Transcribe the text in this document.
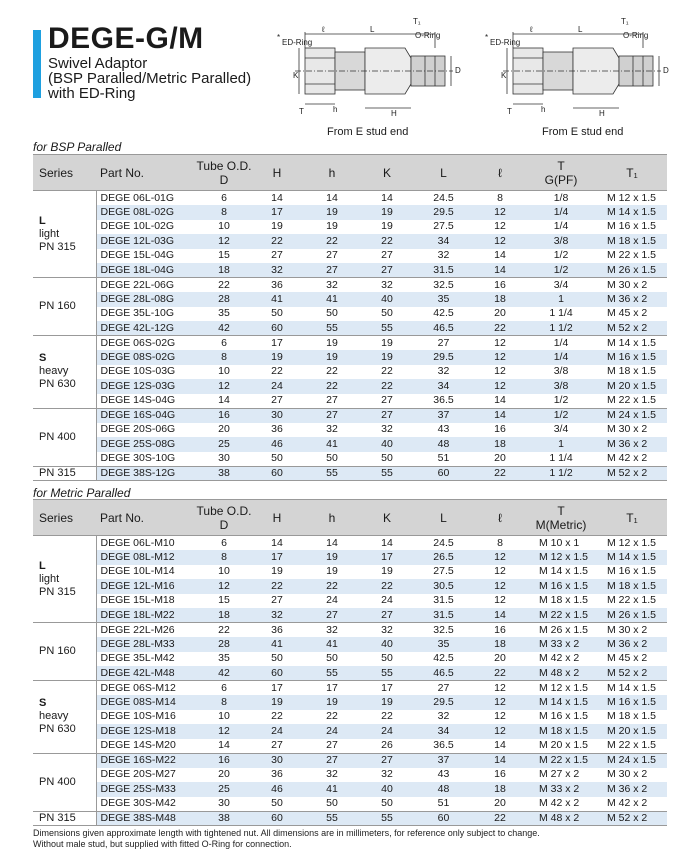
DEGE-G/M
Swivel Adaptor
(BSP Paralled/Metric Paralled)
with ED-Ring
*
ED-Ring
ℓ	L
T₁
O-Ring
K
D
T	h	H
From E stud end
*
ED-Ring
ℓ	L
T₁
O-Ring
K
D
T	h	H
From E stud end
for BSP Paralled
Series	Part No.	Tube O.D.
D	H	h	K	L	ℓ	T
G(PF)	T₁

L
light
PN 315	DEGE 06L-01G	6	14	14	14	24.5	8	1/8	M 12 x 1.5
	DEGE 08L-02G	8	17	19	19	29.5	12	1/4	M 14 x 1.5
	DEGE 10L-02G	10	19	19	19	27.5	12	1/4	M 16 x 1.5
	DEGE 12L-03G	12	22	22	22	34	12	3/8	M 18 x 1.5
	DEGE 15L-04G	15	27	27	27	32	14	1/2	M 22 x 1.5
	DEGE 18L-04G	18	32	27	27	31.5	14	1/2	M 26 x 1.5

PN 160	DEGE 22L-06G	22	36	32	32	32.5	16	3/4	M 30 x 2
	DEGE 28L-08G	28	41	41	40	35	18	1	M 36 x 2
	DEGE 35L-10G	35	50	50	50	42.5	20	1 1/4	M 45 x 2
	DEGE 42L-12G	42	60	55	55	46.5	22	1 1/2	M 52 x 2

S
heavy
PN 630	DEGE 06S-02G	6	17	19	19	27	12	1/4	M 14 x 1.5
	DEGE 08S-02G	8	19	19	19	29.5	12	1/4	M 16 x 1.5
	DEGE 10S-03G	10	22	22	22	32	12	3/8	M 18 x 1.5
	DEGE 12S-03G	12	24	22	22	34	12	3/8	M 20 x 1.5
	DEGE 14S-04G	14	27	27	27	36.5	14	1/2	M 22 x 1.5

PN 400	DEGE 16S-04G	16	30	27	27	37	14	1/2	M 24 x 1.5
	DEGE 20S-06G	20	36	32	32	43	16	3/4	M 30 x 2
	DEGE 25S-08G	25	46	41	40	48	18	1	M 36 x 2
	DEGE 30S-10G	30	50	50	50	51	20	1 1/4	M 42 x 2

PN 315	DEGE 38S-12G	38	60	55	55	60	22	1 1/2	M 52 x 2
for Metric Paralled
Series	Part No.	Tube O.D.
D	H	h	K	L	ℓ	T
M(Metric)	T₁

L
light
PN 315	DEGE 06L-M10	6	14	14	14	24.5	8	M 10 x 1	M 12 x 1.5
	DEGE 08L-M12	8	17	19	17	26.5	12	M 12 x 1.5	M 14 x 1.5
	DEGE 10L-M14	10	19	19	19	27.5	12	M 14 x 1.5	M 16 x 1.5
	DEGE 12L-M16	12	22	22	22	30.5	12	M 16 x 1.5	M 18 x 1.5
	DEGE 15L-M18	15	27	24	24	31.5	12	M 18 x 1.5	M 22 x 1.5
	DEGE 18L-M22	18	32	27	27	31.5	14	M 22 x 1.5	M 26 x 1.5

PN 160	DEGE 22L-M26	22	36	32	32	32.5	16	M 26 x 1.5	M 30 x 2
	DEGE 28L-M33	28	41	41	40	35	18	M 33 x 2	M 36 x 2
	DEGE 35L-M42	35	50	50	50	42.5	20	M 42 x 2	M 45 x 2
	DEGE 42L-M48	42	60	55	55	46.5	22	M 48 x 2	M 52 x 2

S
heavy
PN 630	DEGE 06S-M12	6	17	17	17	27	12	M 12 x 1.5	M 14 x 1.5
	DEGE 08S-M14	8	19	19	19	29.5	12	M 14 x 1.5	M 16 x 1.5
	DEGE 10S-M16	10	22	22	22	32	12	M 16 x 1.5	M 18 x 1.5
	DEGE 12S-M18	12	24	24	24	34	12	M 18 x 1.5	M 20 x 1.5
	DEGE 14S-M20	14	27	27	26	36.5	14	M 20 x 1.5	M 22 x 1.5

PN 400	DEGE 16S-M22	16	30	27	27	37	14	M 22 x 1.5	M 24 x 1.5
	DEGE 20S-M27	20	36	32	32	43	16	M 27 x 2	M 30 x 2
	DEGE 25S-M33	25	46	41	40	48	18	M 33 x 2	M 36 x 2
	DEGE 30S-M42	30	50	50	50	51	20	M 42 x 2	M 42 x 2

PN 315	DEGE 38S-M48	38	60	55	55	60	22	M 48 x 2	M 52 x 2
Dimensions given approximate length with tightened nut. All dimensions are in millimeters, for reference only subject to change.
Without male stud, but supplied with fitted O-Ring for connection.
